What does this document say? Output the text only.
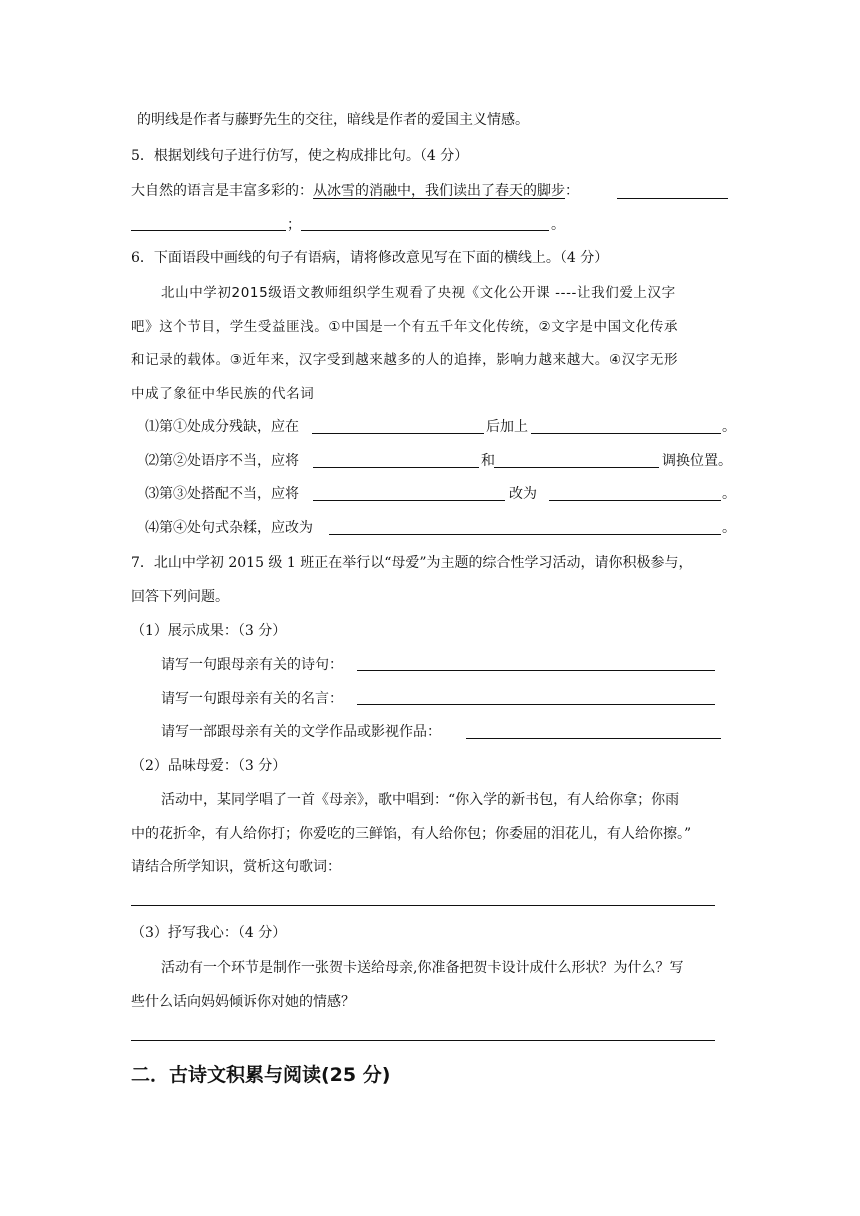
的明线是作者与藤野先生的交往，暗线是作者的爱国主义情感。
5．根据划线句子进行仿写，使之构成排比句。（4 分）
大自然的语言是丰富多彩的：从冰雪的消融中，我们读出了春天的脚步：
；	。
6．下面语段中画线的句子有语病，请将修改意见写在下面的横线上。（4 分）
北山中学初2015级语文教师组织学生观看了央视《文化公开课 ----让我们爱上汉字
吧》这个节目，学生受益匪浅。①中国是一个有五千年文化传统，②文字是中国文化传承
和记录的载体。③近年来，汉字受到越来越多的人的追捧，影响力越来越大。④汉字无形
中成了象征中华民族的代名词
⑴第①处成分残缺，应在	后加上	。
⑵第②处语序不当，应将	和	调换位置。
⑶第③处搭配不当，应将	改为	。
⑷第④处句式杂糅，应改为	。
7．北山中学初 2015 级 1 班正在举行以“母爱”为主题的综合性学习活动，请你积极参与，
回答下列问题。
（1）展示成果：（3 分）
请写一句跟母亲有关的诗句：
请写一句跟母亲有关的名言：
请写一部跟母亲有关的文学作品或影视作品：
（2）品味母爱：（3 分）
活动中，某同学唱了一首《母亲》，歌中唱到：“你入学的新书包，有人给你拿；你雨
中的花折伞，有人给你打；你爱吃的三鲜馅，有人给你包；你委屈的泪花儿，有人给你擦。”
请结合所学知识，赏析这句歌词：
（3）抒写我心：（4 分）
活动有一个环节是制作一张贺卡送给母亲,你准备把贺卡设计成什么形状？为什么？写
些什么话向妈妈倾诉你对她的情感？
二．古诗文积累与阅读(25 分)
